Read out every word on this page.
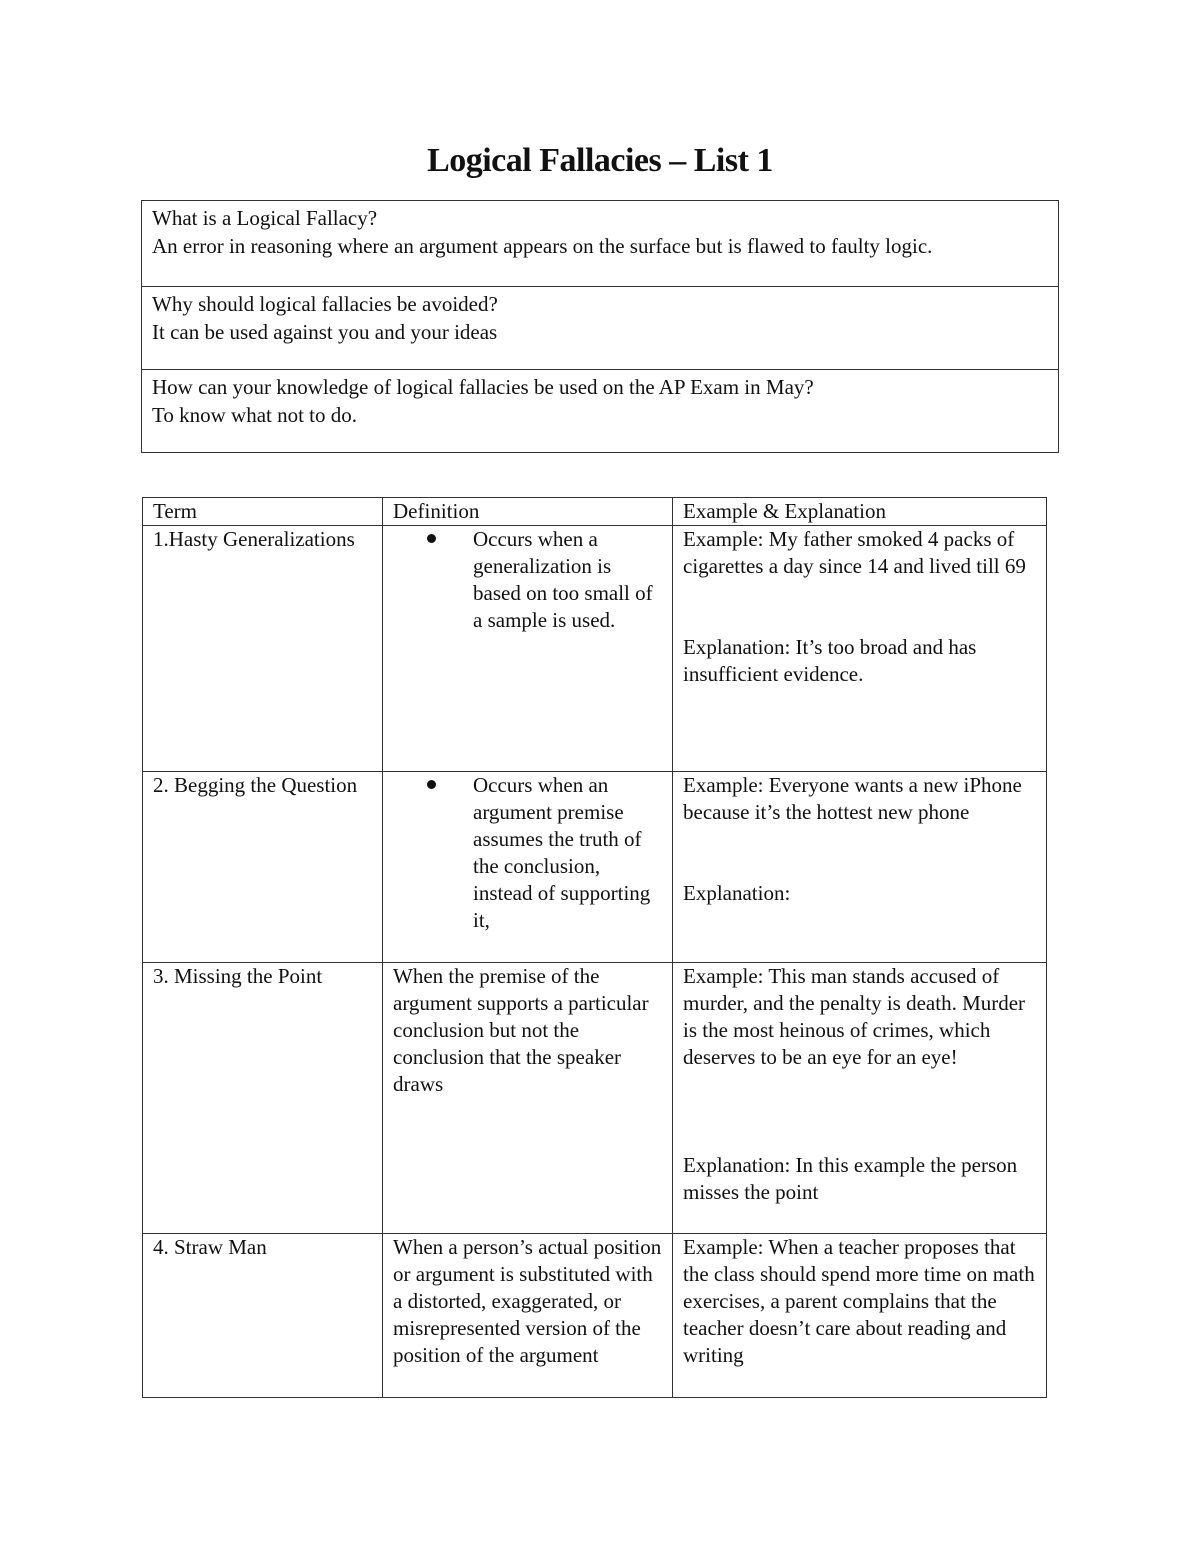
Logical Fallacies – List 1
What is a Logical Fallacy?
An error in reasoning where an argument appears on the surface but is flawed to faulty logic.

Why should logical fallacies be avoided?
It can be used against you and your ideas

How can your knowledge of logical fallacies be used on the AP Exam in May?
To know what not to do.
Term	Definition	Example & Explanation
1.Hasty Generalizations	Occurs when a generalization is based on too small of a sample is used.	Example: My father smoked 4 packs of cigarettes a day since 14 and lived till 69
Explanation: It’s too broad and has insufficient evidence.

2. Begging the Question	Occurs when an argument premise assumes the truth of the conclusion, instead of supporting it,	Example: Everyone wants a new iPhone because it’s the hottest new phone
Explanation:

3. Missing the Point	When the premise of the argument supports a particular conclusion but not the conclusion that the speaker draws	Example: This man stands accused of murder, and the penalty is death. Murder is the most heinous of crimes, which deserves to be an eye for an eye!
Explanation: In this example the person misses the point

4. Straw Man	When a person’s actual position or argument is substituted with a distorted, exaggerated, or misrepresented version of the position of the argument	Example: When a teacher proposes that the class should spend more time on math exercises, a parent complains that the teacher doesn’t care about reading and writing
